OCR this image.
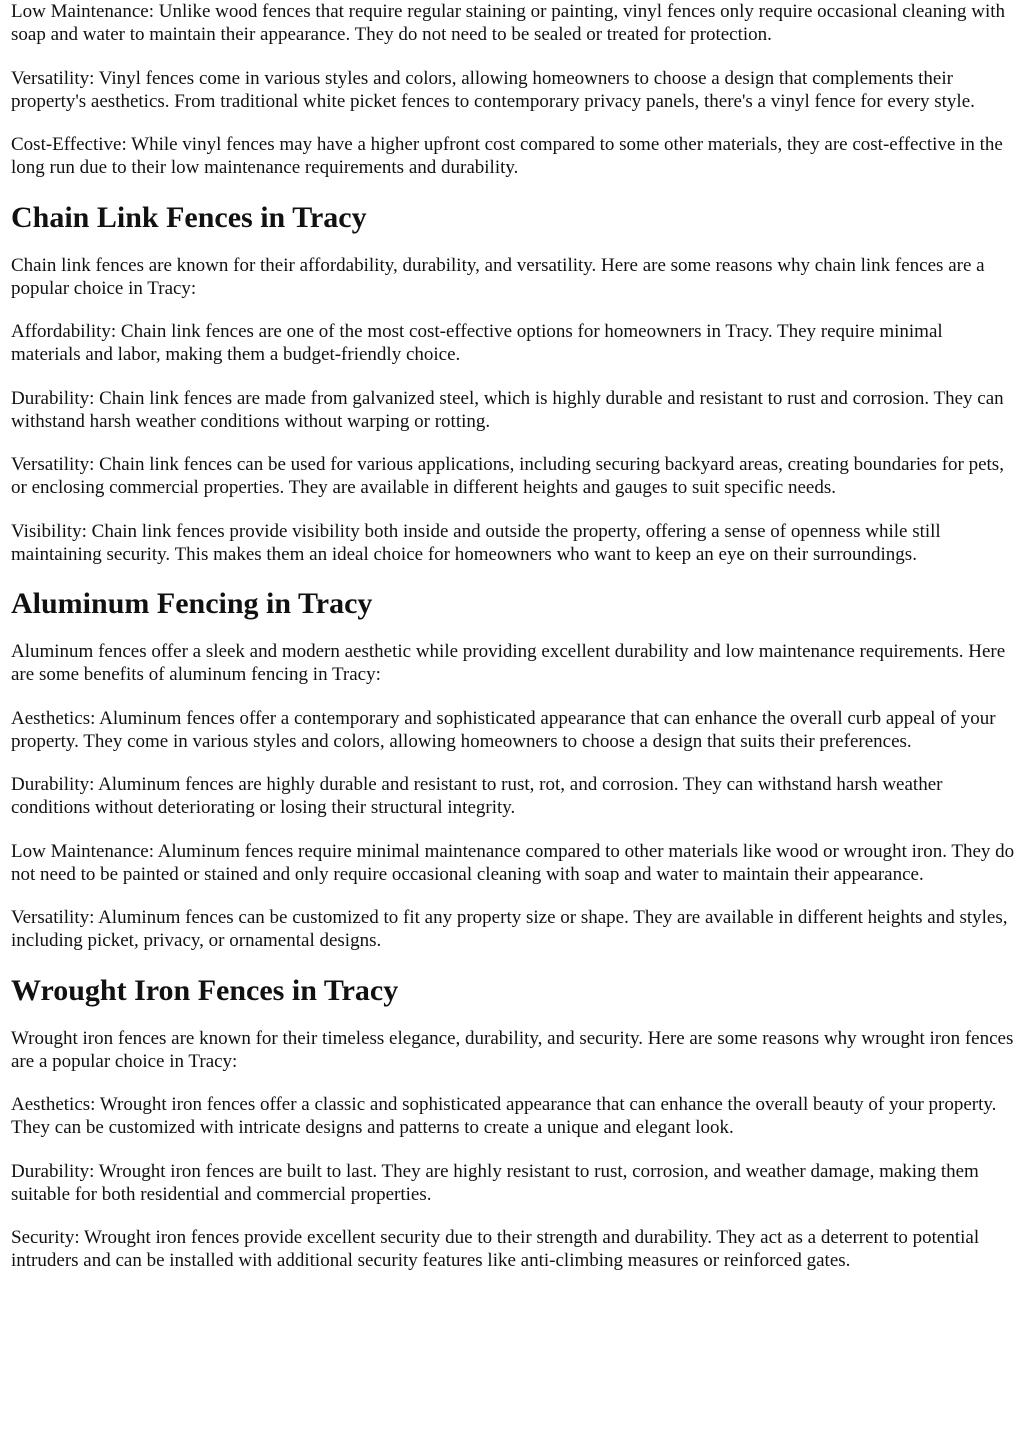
Low Maintenance: Unlike wood fences that require regular staining or painting, vinyl fences only require occasional cleaning with soap and water to maintain their appearance. They do not need to be sealed or treated for protection.

Versatility: Vinyl fences come in various styles and colors, allowing homeowners to choose a design that complements their property's aesthetics. From traditional white picket fences to contemporary privacy panels, there's a vinyl fence for every style.

Cost-Effective: While vinyl fences may have a higher upfront cost compared to some other materials, they are cost-effective in the long run due to their low maintenance requirements and durability.

Chain Link Fences in Tracy

Chain link fences are known for their affordability, durability, and versatility. Here are some reasons why chain link fences are a popular choice in Tracy:

Affordability: Chain link fences are one of the most cost-effective options for homeowners in Tracy. They require minimal materials and labor, making them a budget-friendly choice.

Durability: Chain link fences are made from galvanized steel, which is highly durable and resistant to rust and corrosion. They can withstand harsh weather conditions without warping or rotting.

Versatility: Chain link fences can be used for various applications, including securing backyard areas, creating boundaries for pets, or enclosing commercial properties. They are available in different heights and gauges to suit specific needs.

Visibility: Chain link fences provide visibility both inside and outside the property, offering a sense of openness while still maintaining security. This makes them an ideal choice for homeowners who want to keep an eye on their surroundings.

Aluminum Fencing in Tracy

Aluminum fences offer a sleek and modern aesthetic while providing excellent durability and low maintenance requirements. Here are some benefits of aluminum fencing in Tracy:

Aesthetics: Aluminum fences offer a contemporary and sophisticated appearance that can enhance the overall curb appeal of your property. They come in various styles and colors, allowing homeowners to choose a design that suits their preferences.

Durability: Aluminum fences are highly durable and resistant to rust, rot, and corrosion. They can withstand harsh weather conditions without deteriorating or losing their structural integrity.

Low Maintenance: Aluminum fences require minimal maintenance compared to other materials like wood or wrought iron. They do not need to be painted or stained and only require occasional cleaning with soap and water to maintain their appearance.

Versatility: Aluminum fences can be customized to fit any property size or shape. They are available in different heights and styles, including picket, privacy, or ornamental designs.

Wrought Iron Fences in Tracy

Wrought iron fences are known for their timeless elegance, durability, and security. Here are some reasons why wrought iron fences are a popular choice in Tracy:

Aesthetics: Wrought iron fences offer a classic and sophisticated appearance that can enhance the overall beauty of your property. They can be customized with intricate designs and patterns to create a unique and elegant look.

Durability: Wrought iron fences are built to last. They are highly resistant to rust, corrosion, and weather damage, making them suitable for both residential and commercial properties.

Security: Wrought iron fences provide excellent security due to their strength and durability. They act as a deterrent to potential intruders and can be installed with additional security features like anti-climbing measures or reinforced gates.
